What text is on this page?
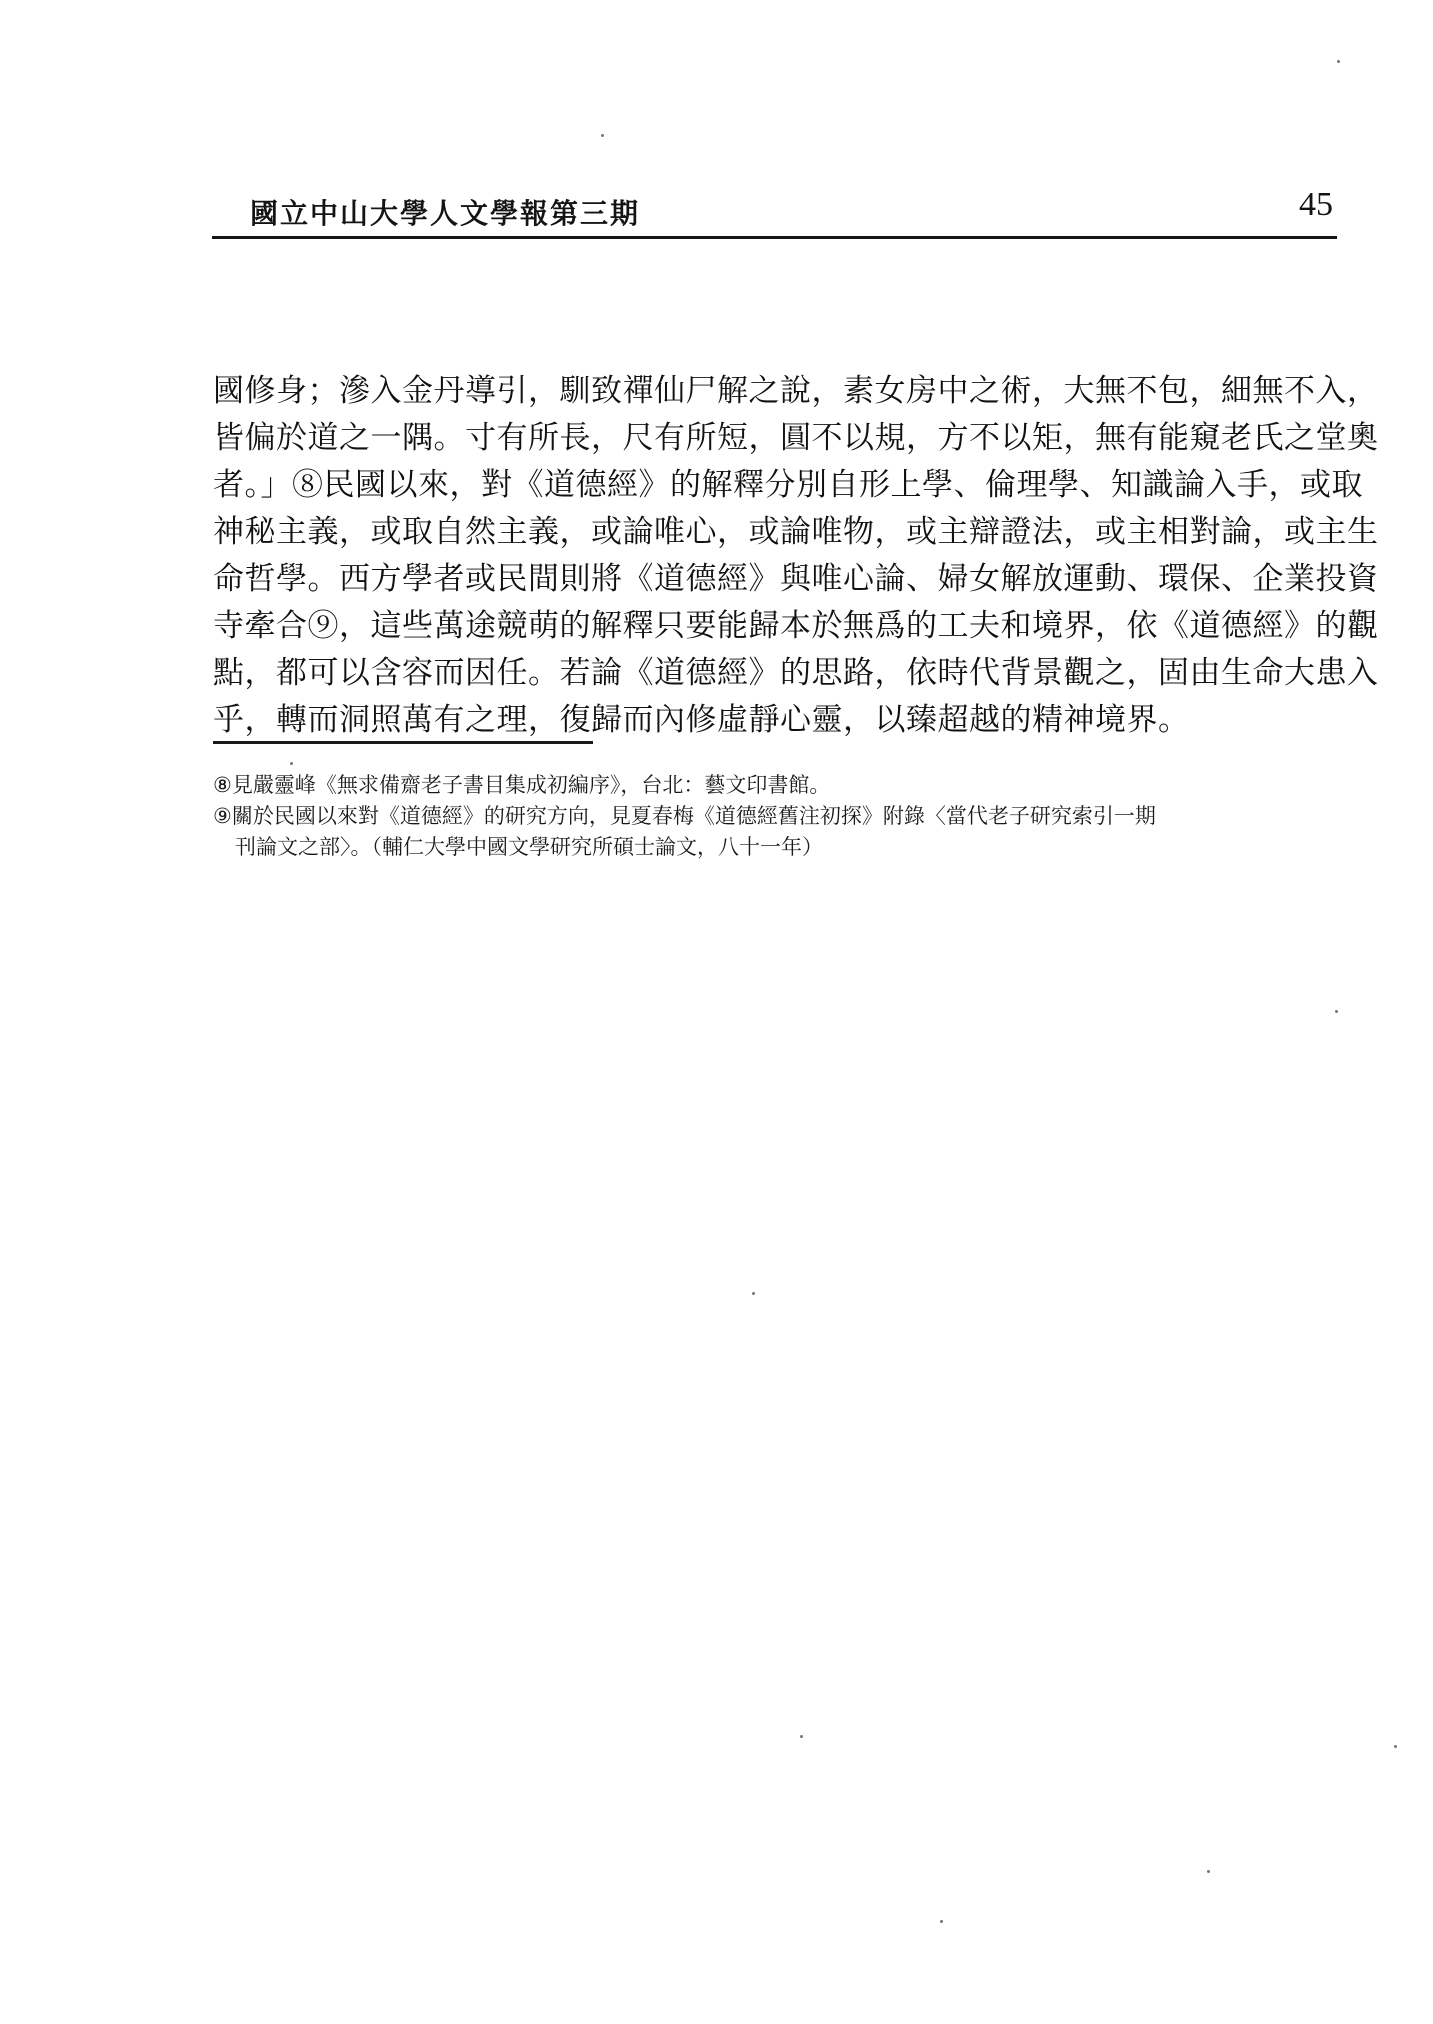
國立中山大學人文學報第三期	45
國修身；滲入金丹導引，馴致禪仙尸解之說，素女房中之術，大無不包，細無不入，
皆偏於道之一隅。寸有所長，尺有所短，圓不以規，方不以矩，無有能窺老氏之堂奧
者。」⑧民國以來，對《道德經》的解釋分別自形上學、倫理學、知識論入手，或取
神秘主義，或取自然主義，或論唯心，或論唯物，或主辯證法，或主相對論，或主生
命哲學。西方學者或民間則將《道德經》與唯心論、婦女解放運動、環保、企業投資
寺牽合⑨，這些萬途競萌的解釋只要能歸本於無爲的工夫和境界，依《道德經》的觀
點，都可以含容而因任。若論《道德經》的思路，依時代背景觀之，固由生命大患入
乎，轉而洞照萬有之理，復歸而內修虛靜心靈，以臻超越的精神境界。
⑧見嚴靈峰《無求備齋老子書目集成初編序》，台北：藝文印書館。
⑨關於民國以來對《道德經》的研究方向，見夏春梅《道德經舊注初探》附錄〈當代老子研究索引一期
刊論文之部〉。（輔仁大學中國文學研究所碩士論文，八十一年）
